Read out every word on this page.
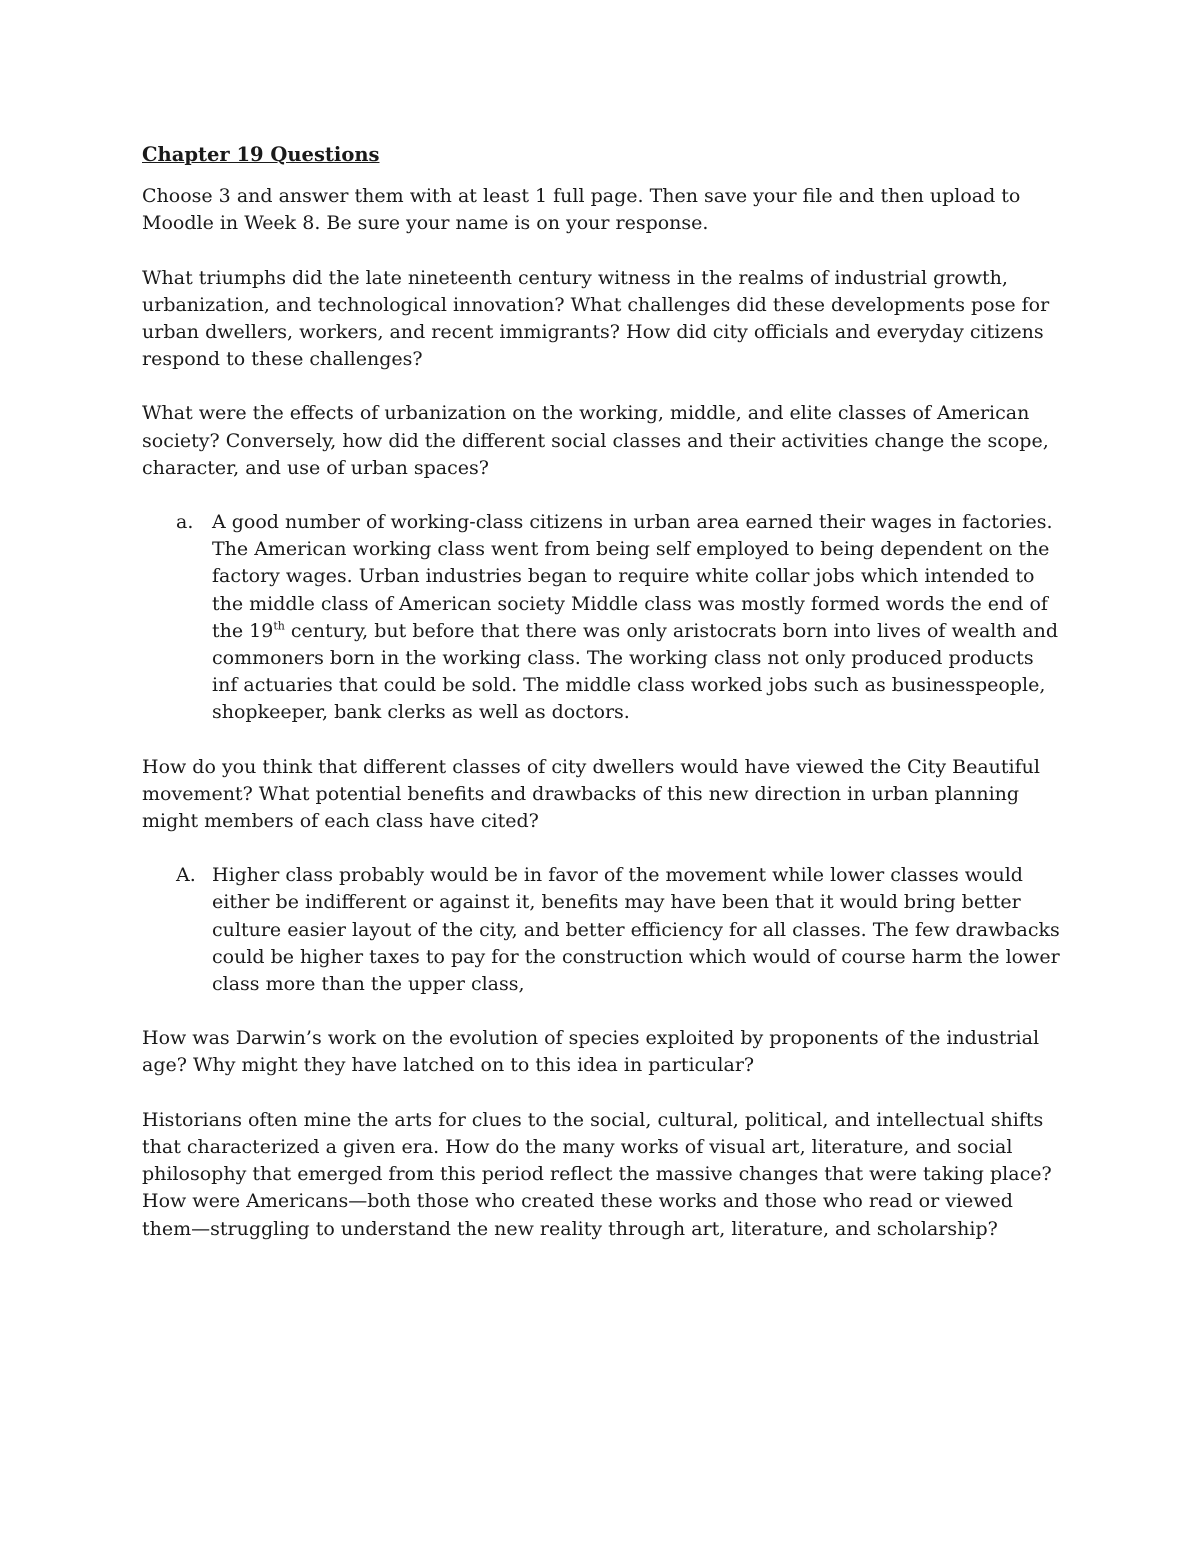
Chapter 19 Questions

Choose 3 and answer them with at least 1 full page. Then save your file and then upload to Moodle in Week 8. Be sure your name is on your response.

What triumphs did the late nineteenth century witness in the realms of industrial growth, urbanization, and technological innovation? What challenges did these developments pose for urban dwellers, workers, and recent immigrants? How did city officials and everyday citizens respond to these challenges?

What were the effects of urbanization on the working, middle, and elite classes of American society? Conversely, how did the different social classes and their activities change the scope, character, and use of urban spaces?

a. A good number of working-class citizens in urban area earned their wages in factories. The American working class went from being self employed to being dependent on the factory wages. Urban industries began to require white collar jobs which intended to the middle class of American society Middle class was mostly formed words the end of the 19th century, but before that there was only aristocrats born into lives of wealth and commoners born in the working class. The working class not only produced products inf actuaries that could be sold. The middle class worked jobs such as businesspeople, shopkeeper, bank clerks as well as doctors.

How do you think that different classes of city dwellers would have viewed the City Beautiful movement? What potential benefits and drawbacks of this new direction in urban planning might members of each class have cited?

A. Higher class probably would be in favor of the movement while lower classes would either be indifferent or against it, benefits may have been that it would bring better culture easier layout of the city, and better efficiency for all classes. The few drawbacks could be higher taxes to pay for the construction which would of course harm the lower class more than the upper class,

How was Darwin’s work on the evolution of species exploited by proponents of the industrial age? Why might they have latched on to this idea in particular?

Historians often mine the arts for clues to the social, cultural, political, and intellectual shifts that characterized a given era. How do the many works of visual art, literature, and social philosophy that emerged from this period reflect the massive changes that were taking place? How were Americans—both those who created these works and those who read or viewed them—struggling to understand the new reality through art, literature, and scholarship?
